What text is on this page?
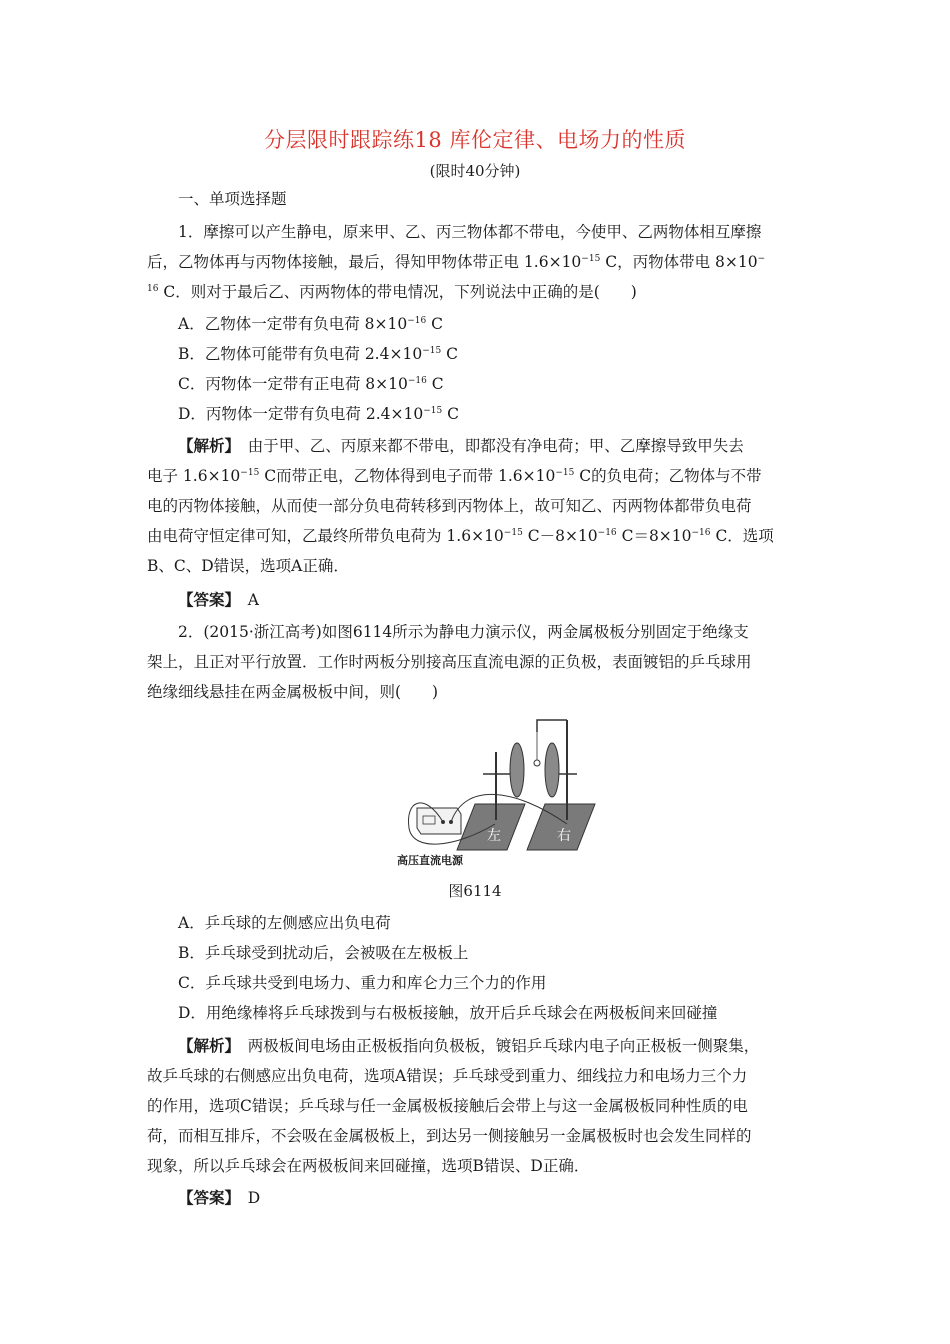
分层限时跟踪练18 库伦定律、电场力的性质
(限时40分钟)
一、单项选择题
1．摩擦可以产生静电，原来甲、乙、丙三物体都不带电，今使甲、乙两物体相互摩擦
后，乙物体再与丙物体接触，最后，得知甲物体带正电 $1.6\times 10^{-15}$ C，丙物体带电 8×10−
$^{16}$ C．则对于最后乙、丙两物体的带电情况，下列说法中正确的是(　　)
A．乙物体一定带有负电荷 $8\times 10^{-16}$ C
B．乙物体可能带有负电荷 $2.4\times 10^{-15}$ C
C．丙物体一定带有正电荷 $8\times 10^{-16}$ C
D．丙物体一定带有负电荷 $2.4\times 10^{-15}$ C
【解析】　由于甲、乙、丙原来都不带电，即都没有净电荷；甲、乙摩擦导致甲失去
电子 $1.6\times 10^{-15}$ C而带正电，乙物体得到电子而带 $1.6\times 10^{-15}$ C的负电荷；乙物体与不带
电的丙物体接触，从而使一部分负电荷转移到丙物体上，故可知乙、丙两物体都带负电荷
由电荷守恒定律可知，乙最终所带负电荷为 $1.6\times 10^{-15}$ $C-8\times 10^{-16}$ $C=8\times 10^{-16}$ C．选项
B、C、D错误，选项A正确．
【答案】　A
2．(2015·浙江高考)如图6114所示为静电力演示仪，两金属极板分别固定于绝缘支
架上，且正对平行放置．工作时两板分别接高压直流电源的正负极，表面镀铝的乒乓球用
绝缘细线悬挂在两金属极板中间，则(　　)
左	右
高压直流电源
图6114
A．乒乓球的左侧感应出负电荷
B．乒乓球受到扰动后，会被吸在左极板上
C．乒乓球共受到电场力、重力和库仑力三个力的作用
D．用绝缘棒将乒乓球拨到与右极板接触，放开后乒乓球会在两极板间来回碰撞
【解析】　两极板间电场由正极板指向负极板，镀铝乒乓球内电子向正极板一侧聚集，
故乒乓球的右侧感应出负电荷，选项A错误；乒乓球受到重力、细线拉力和电场力三个力
的作用，选项C错误；乒乓球与任一金属极板接触后会带上与这一金属极板同种性质的电
荷，而相互排斥，不会吸在金属极板上，到达另一侧接触另一金属极板时也会发生同样的
现象，所以乒乓球会在两极板间来回碰撞，选项B错误、D正确．
【答案】　D
